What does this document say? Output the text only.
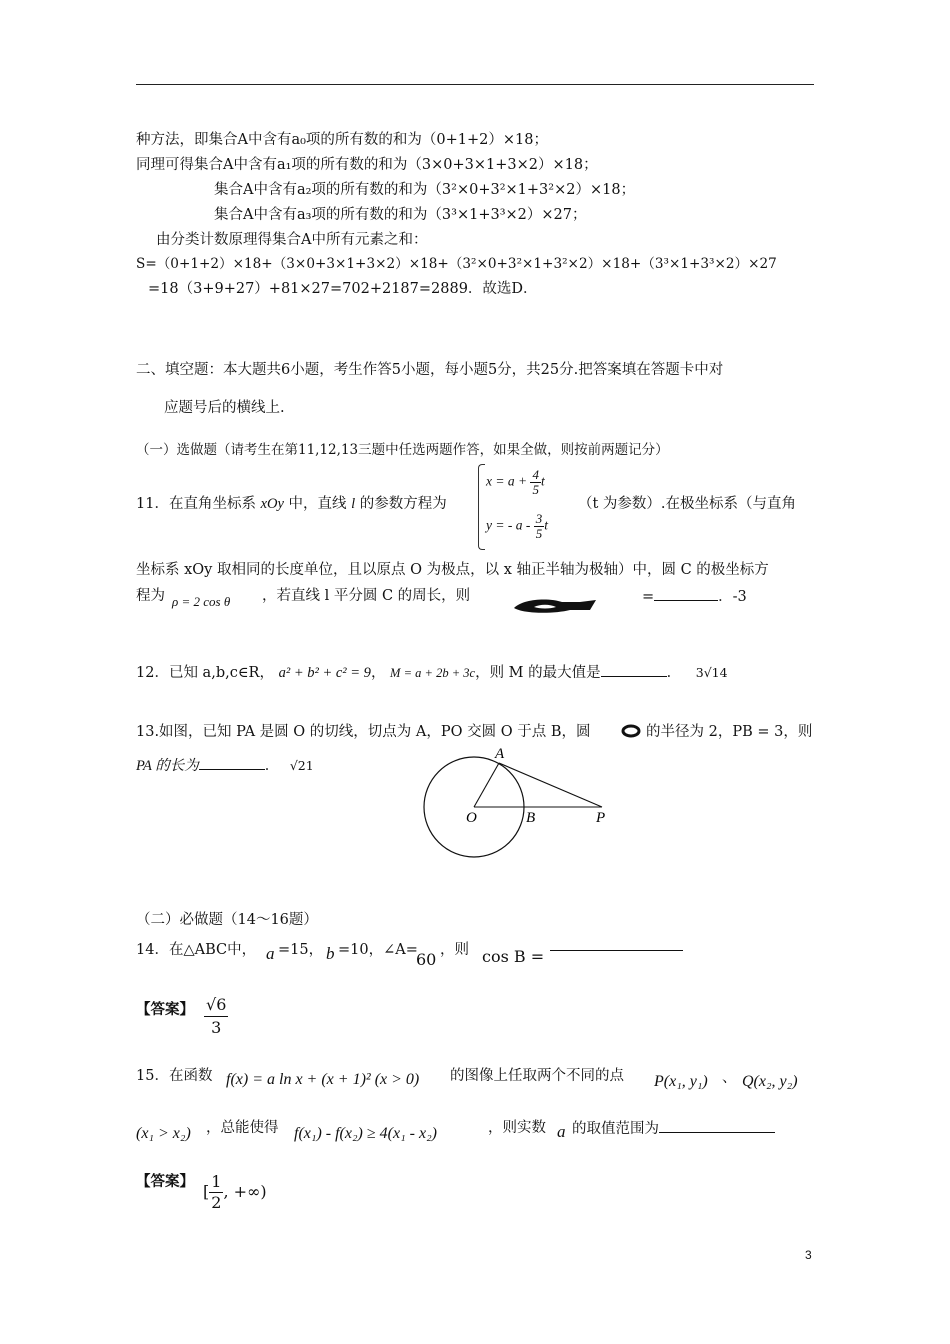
种方法，即集合A中含有a₀项的所有数的和为（0+1+2）×18；
同理可得集合A中含有a₁项的所有数的和为（3×0+3×1+3×2）×18；
集合A中含有a₂项的所有数的和为（3²×0+3²×1+3²×2）×18；
集合A中含有a₃项的所有数的和为（3³×1+3³×2）×27；
由分类计数原理得集合A中所有元素之和：
S=（0+1+2）×18+（3×0+3×1+3×2）×18+（3²×0+3²×1+3²×2）×18+（3³×1+3³×2）×27
=18（3+9+27）+81×27=702+2187=2889．故选D．
二、填空题：本大题共6小题，考生作答5小题，每小题5分，共25分.把答案填在答题卡中对
应题号后的横线上.
（一）选做题（请考生在第11,12,13三题中任选两题作答，如果全做，则按前两题记分）
11．在直角坐标系 xOy 中，直线 l 的参数方程为
$x = a + \frac{4}{5}$ t
y = - a - $\frac{3}{5}$ t
（t 为参数）.在极坐标系（与直角
坐标系 xOy 取相同的长度单位，且以原点 O 为极点，以 x 轴正半轴为极轴）中，圆 C 的极坐标方
程为 ρ = 2 cos θ ，若直线 l 平分圆 C 的周长，则	=	．-3
12．已知 a,b,c∈R， a² + b² + c² = 9， M = a + 2b + 3c，则 M 的最大值是	． 3√14
13.如图，已知 PA 是圆 O 的切线，切点为 A，PO 交圆 O 于点 B，圆	的半径为 2，PB = 3，则
PA 的长为	． √21
A
O	B	P
（二）必做题（14～16题）
14．在△ABC中， a =15， b =10，∠A=
60 ，则 cos B =
【答案】 $\frac{√6}{3}$
15．在函数 f(x) = a ln x + (x + 1)² (x > 0) 的图像上任取两个不同的点 P(x₁, y₁) 、 Q(x₂, y₂)
(x₁ > x₂) ，总能使得 f(x₁) - f(x₂) ≥ 4(x₁ - x₂)	，则实数 a 的取值范围为
【答案】
[ $\frac{1}{2}$ , +∞)
3
